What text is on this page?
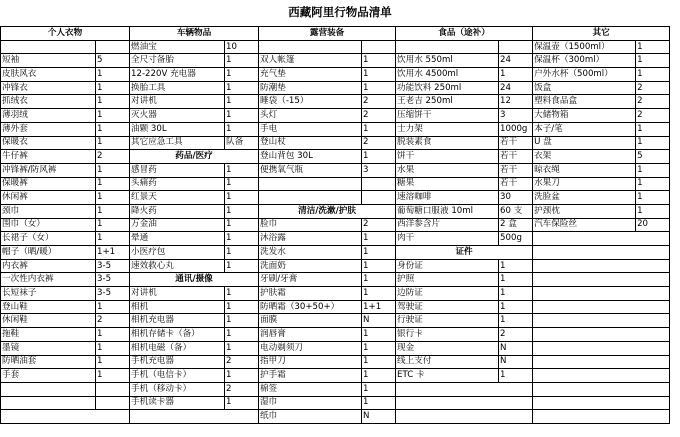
西藏阿里行物品清单
个人衣物		车辆物品		露营装备		食品（途补）		其它	
		燃油宝	10					保温壶（1500ml）	1
短袖	5	全尺寸备胎	1	双人帐篷	1	饮用水 550ml	24	保温杯（300ml）	1
皮肤风衣	1	12-220V 充电器	1	充气垫	1	饮用水 4500ml	1	户外水杯（500ml）	1
冲锋衣	1	换胎工具	1	防潮垫	1	功能饮料 250ml	24	饭盒	2
抓绒衣	1	对讲机	1	睡袋（-15）	2	王老吉 250ml	12	塑料食品盒	2
薄羽绒	1	灭火器	1	头灯	2	压缩饼干	3	大储物箱	2
薄外套	1	油颗 30L	1	手电	1	士力架	1000g	本子/笔	1
保暖衣	1	其它应急工具	队备	登山杖	2	脱装素食	若干	U 盘	1
牛仔裤	2	药品/医疗		登山背包 30L	1	饼干	若干	衣架	5
冲锋裤/防风裤	1	感冒药	1	便携氧气瓶	3	水果	若干	晾衣绳	1
保暖裤	1	头痛药	1			糖果	若干	水果刀	1
休闲裤	1	红景天	1			速溶咖啡	30	洗脸盆	1
颈巾	1	降火药	1	清洁/洗漱/护肤		葡萄糖口服液 10ml	60 支	护颈枕	1
围巾（女）	1	万金油	1	脸巾	2	西洋参含片	2 盒	汽车保险丝	20
长裙子（女）	1	晕通	1	沐浴露	1	肉干	500g		
帽子（晒/暖）	1+1	小医疗包	1	洗发水	1	证件			
内衣裤	3-5	速效救心丸	1	洗面奶	1	身份证	1		
一次性内衣裤	3-5	通讯/摄像		牙刷/牙膏	1	护照	1		
长短袜子	3-5	对讲机	1	护肤霜	1	边防证	1		
登山鞋	1	相机	1	防晒霜（30+50+）	1+1	驾驶证	1		
休闲鞋	2	相机充电器	1	面膜	N	行驶证	1		
拖鞋	1	相机存储卡（备）	1	润唇膏	1	银行卡	2		
墨镜	1	相机电磁（备）	1	电动剃须刀	1	现金	N		
防晒油套	1	手机充电器	2	指甲刀	1	线上支付	N		
手套	1	手机（电信卡）	1	护手霜	1	ETC 卡	1		
		手机（移动卡）	2	棉签	1				
		手机读卡器	1	湿巾	1				
				纸巾	N				
